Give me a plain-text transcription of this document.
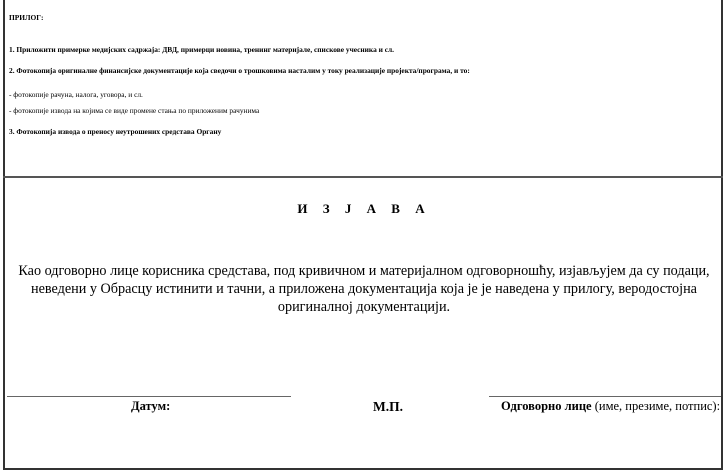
ПРИЛОГ:
1. Приложити примерке медијских садржаја: ДВД, примерци новина, тренинг материјале, спискове учесника и сл.
2. Фотокопија оригиналне финансијске документације која сведочи о трошковима насталим у току реализације пројекта/програма, и то:
- фотокопије рачуна, налога, уговора, и сл.
- фотокопије извода на којима се виде промене стања по приложеним рачунима
3. Фотокопија извода о преносу неутрошених средстава Органу
И З Ј А В А
Као одговорно лице корисника средстава, под кривичном и материјалном одговорношћу, изјављујем да су подаци, неведени у Обрасцу истинити и тачни, а приложена документација која је је наведена у прилогу, веродостојна оригиналној документацији.
Датум:	М.П.	Одговорно лице (име, презиме, потпис):
